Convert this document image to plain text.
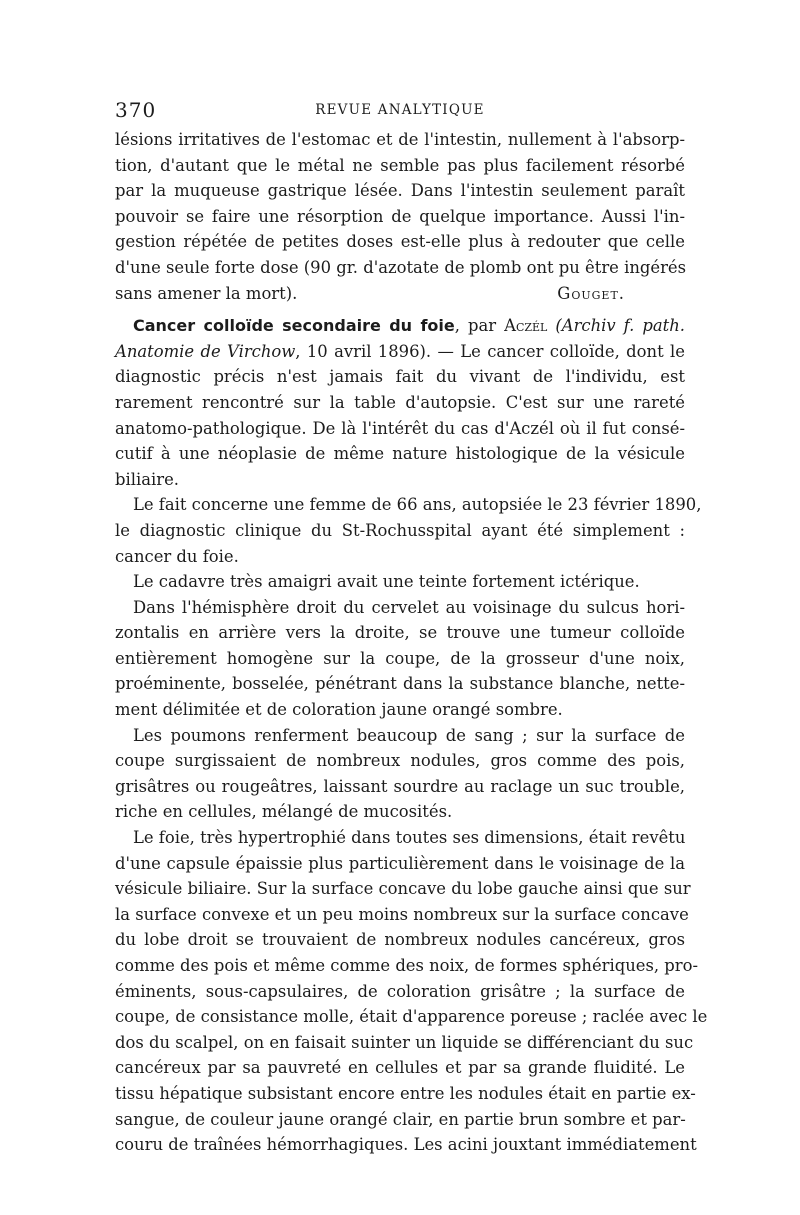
370	REVUE ANALYTIQUE
lésions irritatives de l'estomac et de l'intestin, nullement à l'absorp-
tion, d'autant que le métal ne semble pas plus facilement résorbé
par la muqueuse gastrique lésée. Dans l'intestin seulement paraît
pouvoir se faire une résorption de quelque importance. Aussi l'in-
gestion répétée de petites doses est-elle plus à redouter que celle
d'une seule forte dose (90 gr. d'azotate de plomb ont pu être ingérés
sans amener la mort).	Gouget.
Cancer colloïde secondaire du foie, par Aczél (Archiv f. path.
Anatomie de Virchow, 10 avril 1896). — Le cancer colloïde, dont le
diagnostic précis n'est jamais fait du vivant de l'individu, est
rarement rencontré sur la table d'autopsie. C'est sur une rareté
anatomo-pathologique. De là l'intérêt du cas d'Aczél où il fut consé-
cutif à une néoplasie de même nature histologique de la vésicule
biliaire.
Le fait concerne une femme de 66 ans, autopsiée le 23 février 1890,
le diagnostic clinique du St-Rochusspital ayant été simplement :
cancer du foie.
Le cadavre très amaigri avait une teinte fortement ictérique.
Dans l'hémisphère droit du cervelet au voisinage du sulcus hori-
zontalis en arrière vers la droite, se trouve une tumeur colloïde
entièrement homogène sur la coupe, de la grosseur d'une noix,
proéminente, bosselée, pénétrant dans la substance blanche, nette-
ment délimitée et de coloration jaune orangé sombre.
Les poumons renferment beaucoup de sang ; sur la surface de
coupe surgissaient de nombreux nodules, gros comme des pois,
grisâtres ou rougeâtres, laissant sourdre au raclage un suc trouble,
riche en cellules, mélangé de mucosités.
Le foie, très hypertrophié dans toutes ses dimensions, était revêtu
d'une capsule épaissie plus particulièrement dans le voisinage de la
vésicule biliaire. Sur la surface concave du lobe gauche ainsi que sur
la surface convexe et un peu moins nombreux sur la surface concave
du lobe droit se trouvaient de nombreux nodules cancéreux, gros
comme des pois et même comme des noix, de formes sphériques, pro-
éminents, sous-capsulaires, de coloration grisâtre ; la surface de
coupe, de consistance molle, était d'apparence poreuse ; raclée avec le
dos du scalpel, on en faisait suinter un liquide se différenciant du suc
cancéreux par sa pauvreté en cellules et par sa grande fluidité. Le
tissu hépatique subsistant encore entre les nodules était en partie ex-
sangue, de couleur jaune orangé clair, en partie brun sombre et par-
couru de traînées hémorrhagiques. Les acini jouxtant immédiatement
